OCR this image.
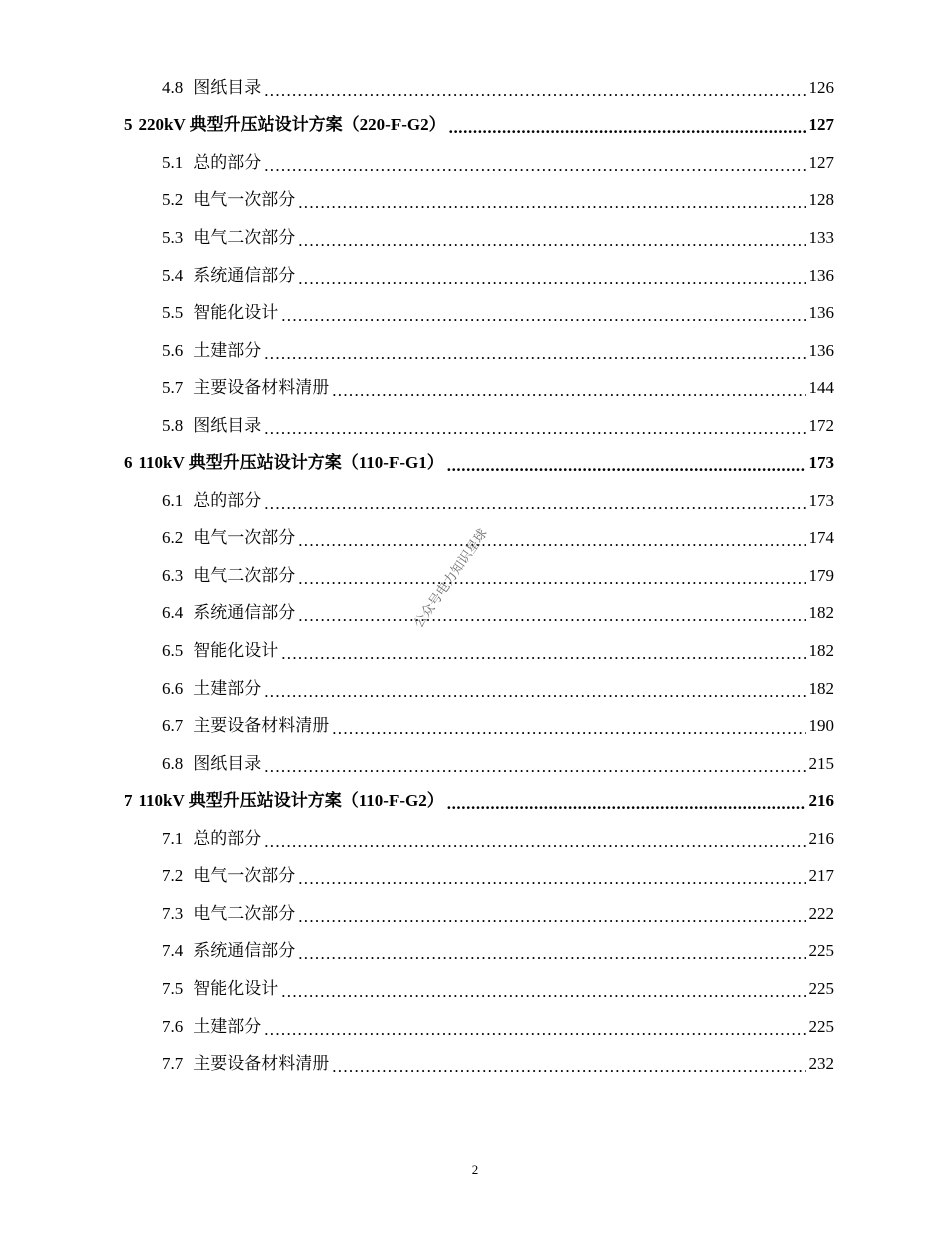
4.8 图纸目录 .....	126
5 220kV 典型升压站设计方案（220-F-G2） .....	127
5.1 总的部分 .....	127
5.2 电气一次部分 .....	128
5.3 电气二次部分 .....	133
5.4 系统通信部分 .....	136
5.5 智能化设计 .....	136
5.6 土建部分 .....	136
5.7 主要设备材料清册 .....	144
5.8 图纸目录 .....	172
6 110kV 典型升压站设计方案（110-F-G1） .....	173
6.1 总的部分 .....	173
6.2 电气一次部分 .....	174
6.3 电气二次部分 .....	179
6.4 系统通信部分 .....	182
6.5 智能化设计 .....	182
6.6 土建部分 .....	182
6.7 主要设备材料清册 .....	190
6.8 图纸目录 .....	215
7 110kV 典型升压站设计方案（110-F-G2） .....	216
7.1 总的部分 .....	216
7.2 电气一次部分 .....	217
7.3 电气二次部分 .....	222
7.4 系统通信部分 .....	225
7.5 智能化设计 .....	225
7.6 土建部分 .....	225
7.7 主要设备材料清册 .....	232
公众号电力知识星球
2
